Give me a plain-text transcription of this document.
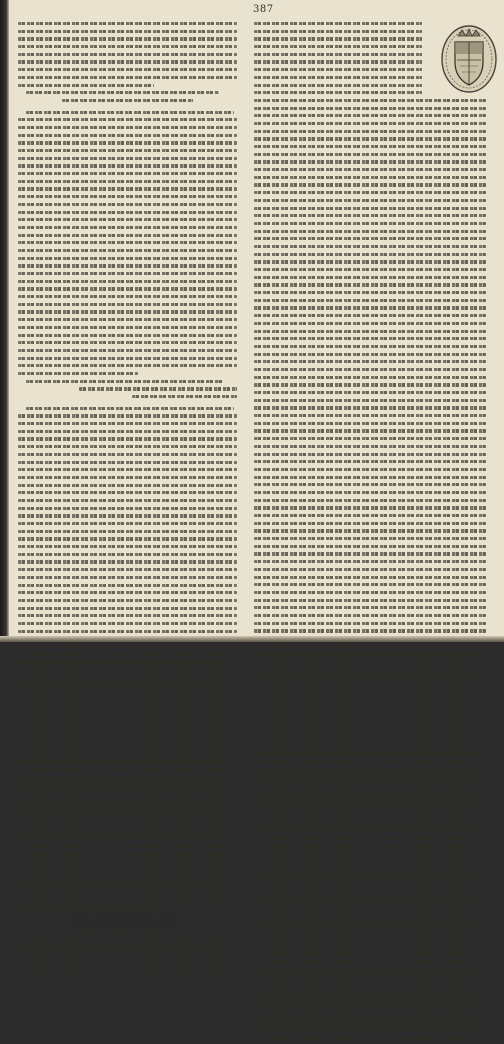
387
Nachgeldstage.
